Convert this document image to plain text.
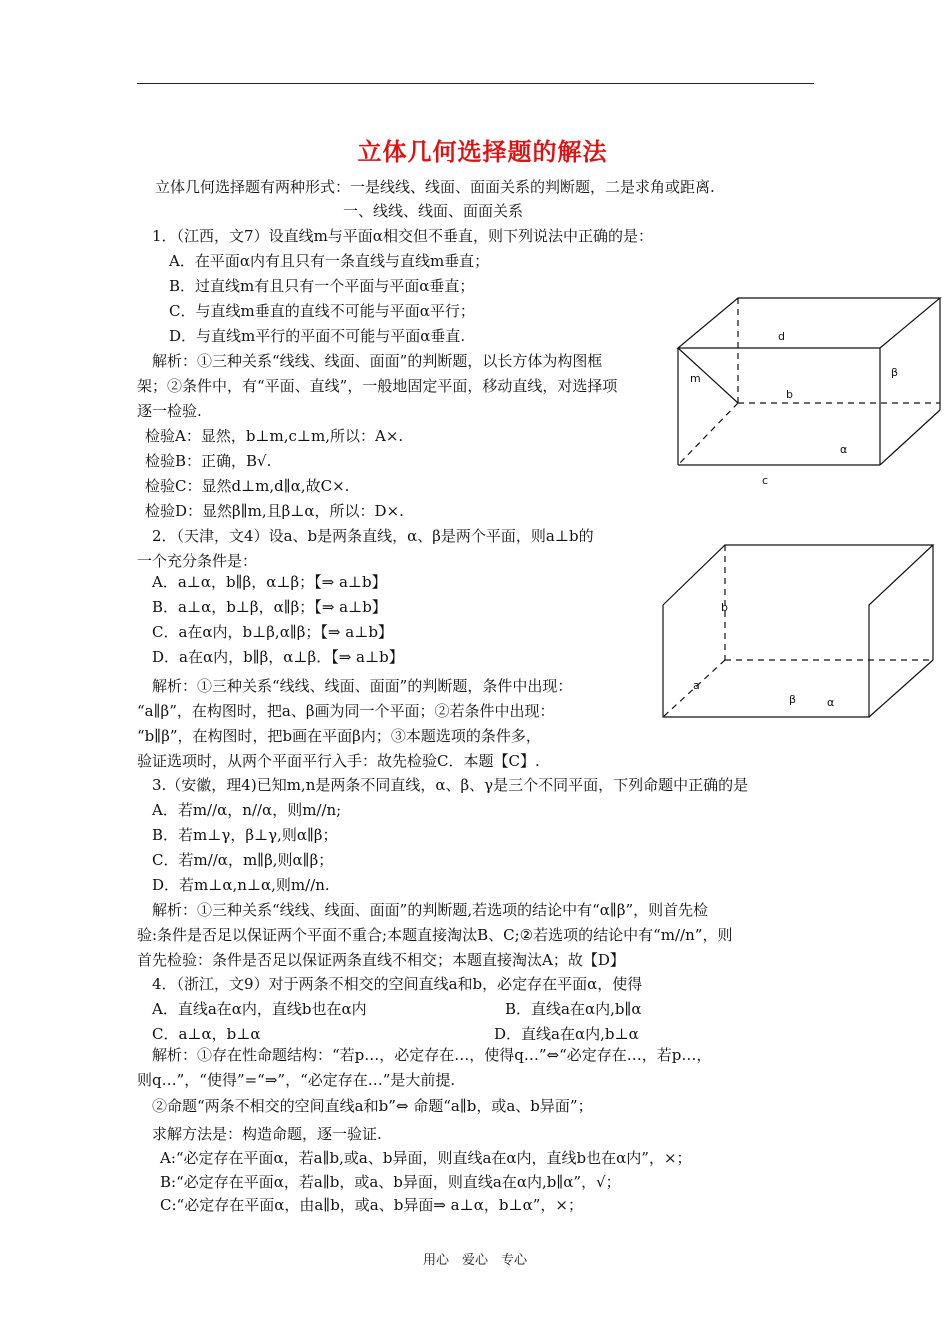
立体几何选择题的解法
立体几何选择题有两种形式：一是线线、线面、面面关系的判断题，二是求角或距离.
一、线线、线面、面面关系
1．（江西，文7）设直线m与平面α相交但不垂直，则下列说法中正确的是：
A．在平面α内有且只有一条直线与直线m垂直；
B．过直线m有且只有一个平面与平面α垂直；
C．与直线m垂直的直线不可能与平面α平行；
D．与直线m平行的平面不可能与平面α垂直.
解析：①三种关系“线线、线面、面面”的判断题，以长方体为构图框
架；②条件中，有“平面、直线”，一般地固定平面，移动直线，对选择项
逐一检验.
检验A：显然，b⊥m,c⊥m,所以：A×.
检验B：正确，B√.
检验C：显然d⊥m,d∥α,故C×.
检验D：显然β∥m,且β⊥α，所以：D×.
d
m
b
β
α
c
2．（天津，文4）设a、b是两条直线，α、β是两个平面，则a⊥b的
一个充分条件是：
A．a⊥α，b∥β，α⊥β；【⇒ a⊥b】
B．a⊥α，b⊥β，α∥β；【⇒ a⊥b】
C．a在α内，b⊥β,α∥β；【⇒ a⊥b】
D．a在α内，b∥β，α⊥β．【⇒ a⊥b】
解析：①三种关系“线线、线面、面面”的判断题，条件中出现：
“a∥β”，在构图时，把a、β画为同一个平面；②若条件中出现：
“b∥β”，在构图时，把b画在平面β内；③本题选项的条件多，
验证选项时，从两个平面平行入手：故先检验C．本题【C】.
b
a
β	α
3.（安徽，理4)已知m,n是两条不同直线，α、β、γ是三个不同平面，下列命题中正确的是
A．若m//α，n//α，则m//n;
B．若m⊥γ，β⊥γ,则α∥β；
C．若m//α，m∥β,则α∥β；
D．若m⊥α,n⊥α,则m//n.
解析：①三种关系“线线、线面、面面”的判断题,若选项的结论中有“α∥β”，则首先检
验:条件是否足以保证两个平面不重合;本题直接淘汰B、C;②若选项的结论中有“m//n”，则
首先检验：条件是否足以保证两条直线不相交；本题直接淘汰A；故【D】
4．（浙江，文9）对于两条不相交的空间直线a和b，必定存在平面α，使得
A．直线a在α内，直线b也在α内	B．直线a在α内,b∥α
C．a⊥α，b⊥α	D．直线a在α内,b⊥α
解析：①存在性命题结构：“若p…，必定存在…，使得q…”⇔“必定存在…，若p…，
则q…”，“使得”=“⇒”，“必定存在…”是大前提.
②命题“两条不相交的空间直线a和b”⇔ 命题“a∥b，或a、b异面”；
求解方法是：构造命题，逐一验证.
A:“必定存在平面α，若a∥b,或a、b异面，则直线a在α内，直线b也在α内”，×；
B:“必定存在平面α，若a∥b，或a、b异面，则直线a在α内,b∥α”，√；
C:“必定存在平面α，由a∥b，或a、b异面⇒ a⊥α，b⊥α”，×；
用心　爱心　专心
